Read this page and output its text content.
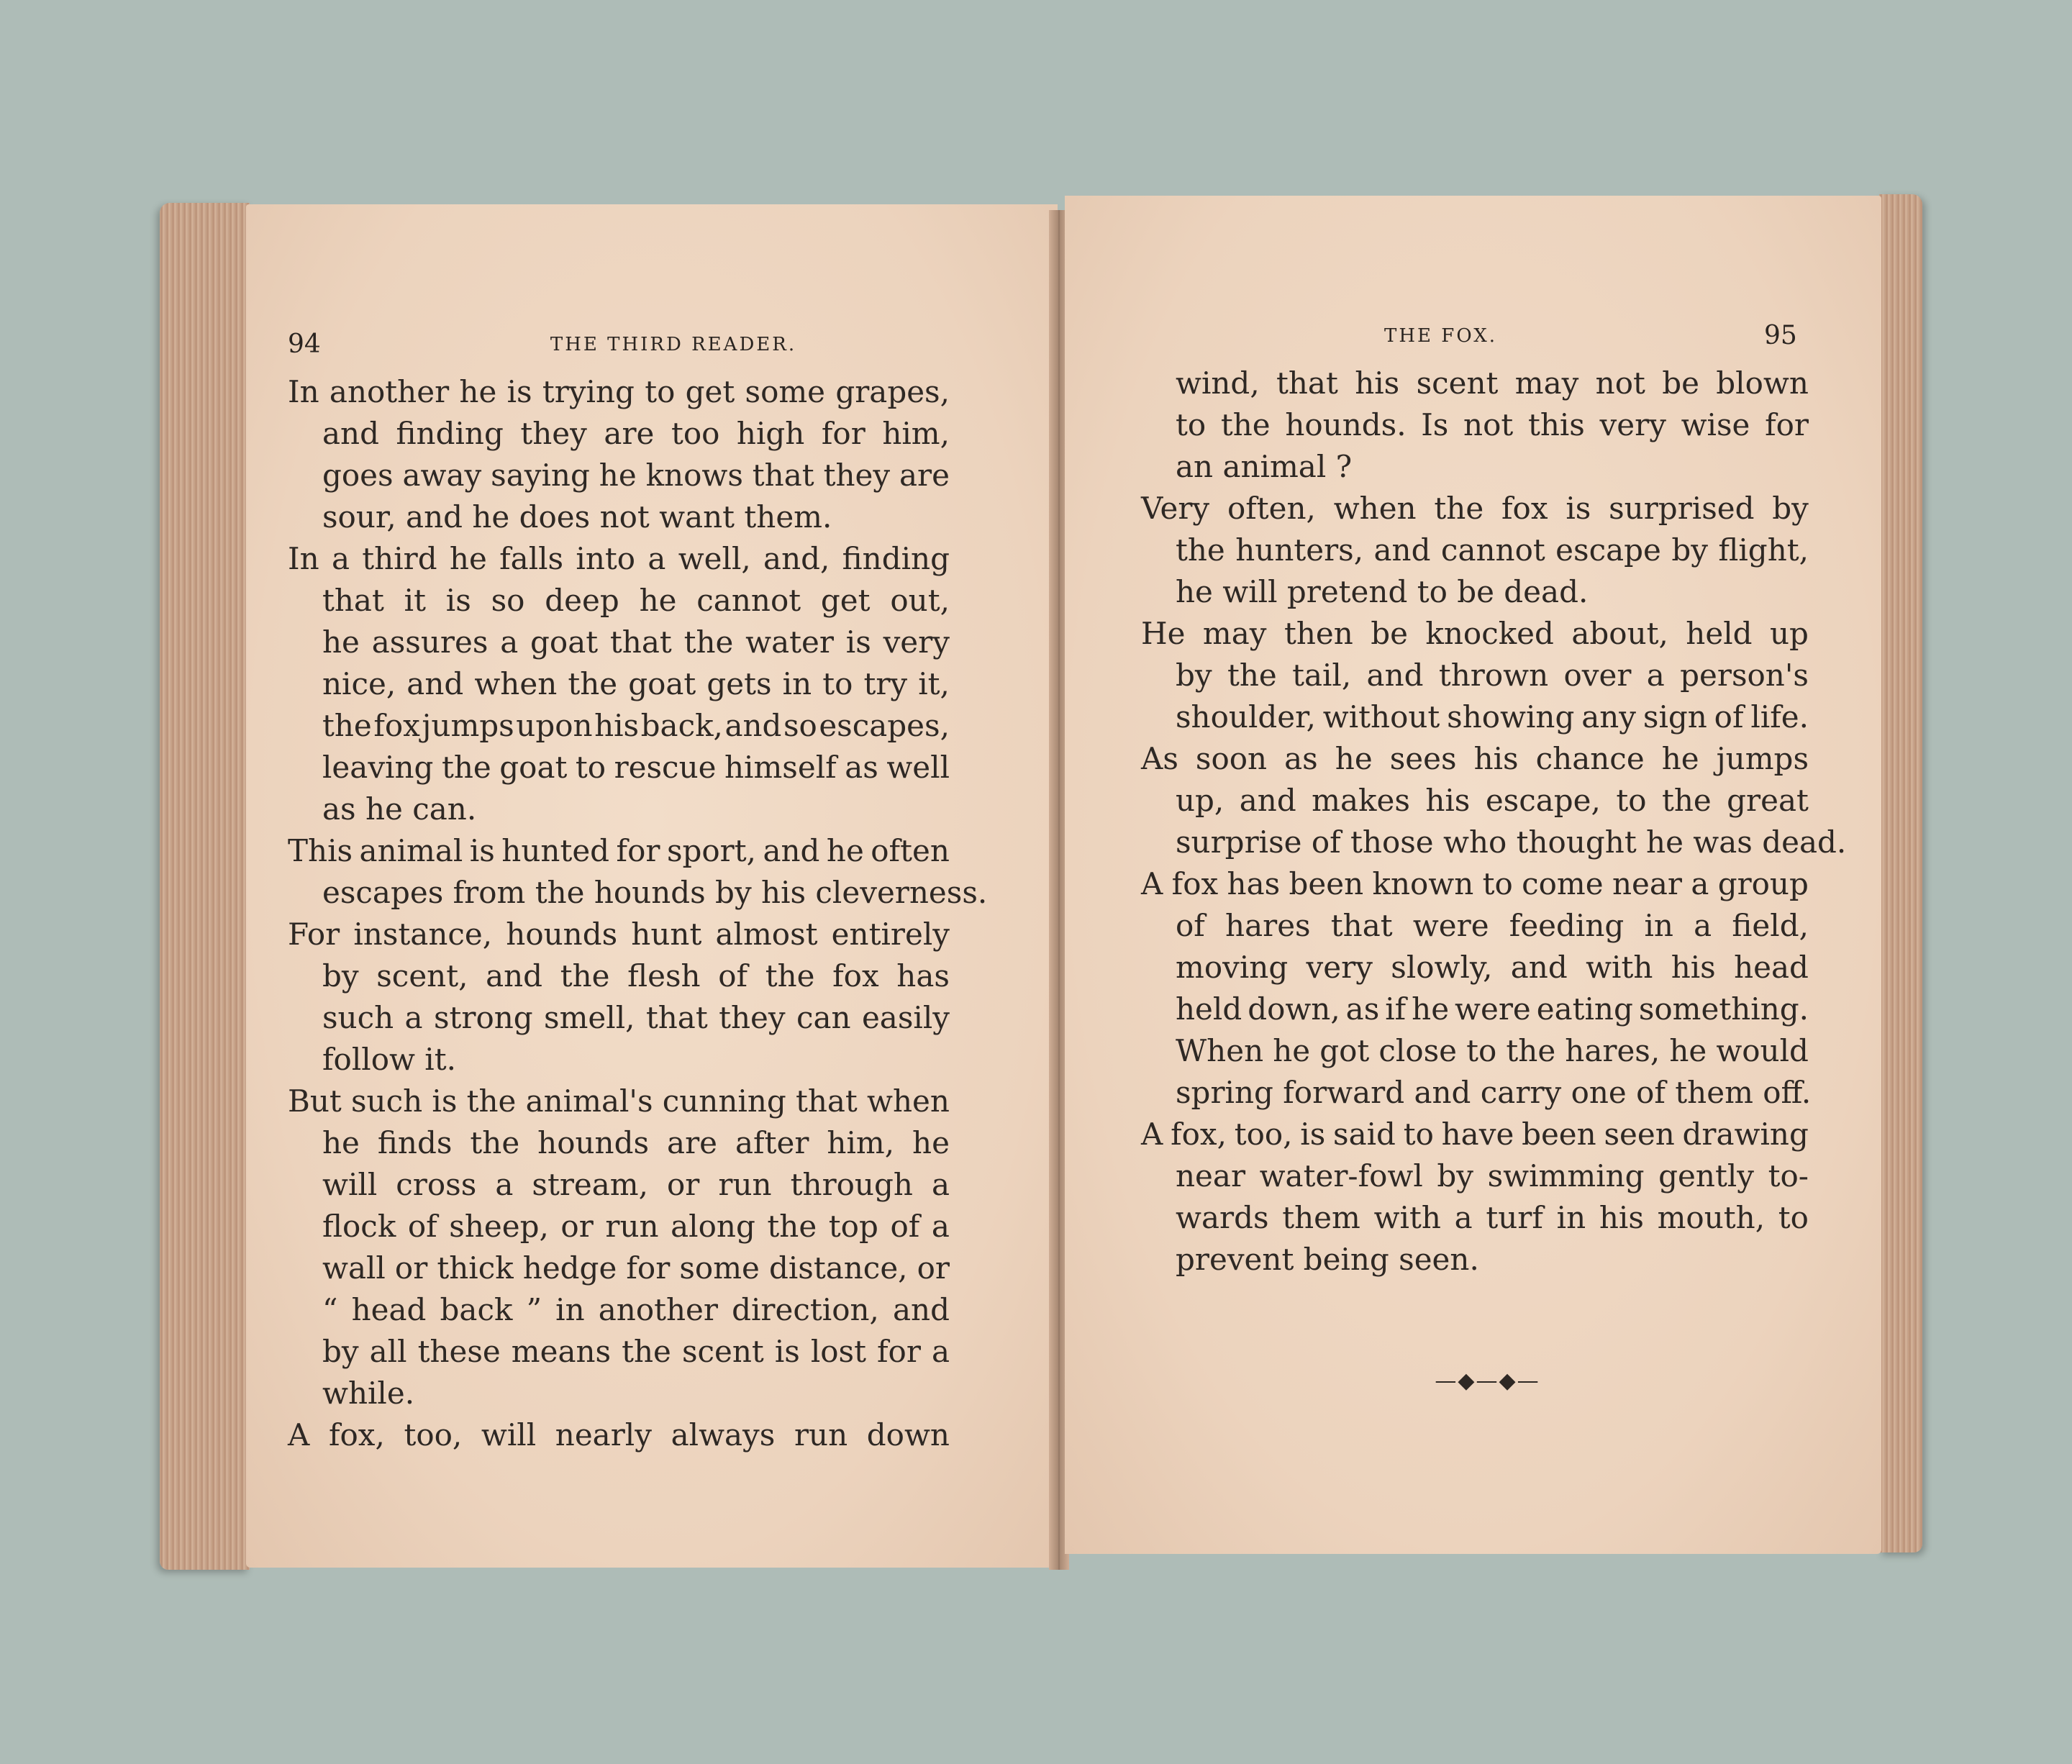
94	THE THIRD READER.
In another he is trying to get some grapes,
and finding they are too high for him,
goes away saying he knows that they are
sour, and he does not want them.
In a third he falls into a well, and, finding
that it is so deep he cannot get out,
he assures a goat that the water is very
nice, and when the goat gets in to try it,
the fox jumps upon his back, and so escapes,
leaving the goat to rescue himself as well
as he can.
This animal is hunted for sport, and he often
escapes from the hounds by his cleverness.
For instance, hounds hunt almost entirely
by scent, and the flesh of the fox has
such a strong smell, that they can easily
follow it.
But such is the animal's cunning that when
he finds the hounds are after him, he
will cross a stream, or run through a
flock of sheep, or run along the top of a
wall or thick hedge for some distance, or
“ head back ” in another direction, and
by all these means the scent is lost for a
while.
A fox, too, will nearly always run down
THE FOX.	95
wind, that his scent may not be blown
to the hounds. Is not this very wise for
an animal ?
Very often, when the fox is surprised by
the hunters, and cannot escape by flight,
he will pretend to be dead.
He may then be knocked about, held up
by the tail, and thrown over a person's
shoulder, without showing any sign of life.
As soon as he sees his chance he jumps
up, and makes his escape, to the great
surprise of those who thought he was dead.
A fox has been known to come near a group
of hares that were feeding in a field,
moving very slowly, and with his head
held down, as if he were eating something.
When he got close to the hares, he would
spring forward and carry one of them off.
A fox, too, is said to have been seen drawing
near water-fowl by swimming gently to-
wards them with a turf in his mouth, to
prevent being seen.
—◆—◆—
